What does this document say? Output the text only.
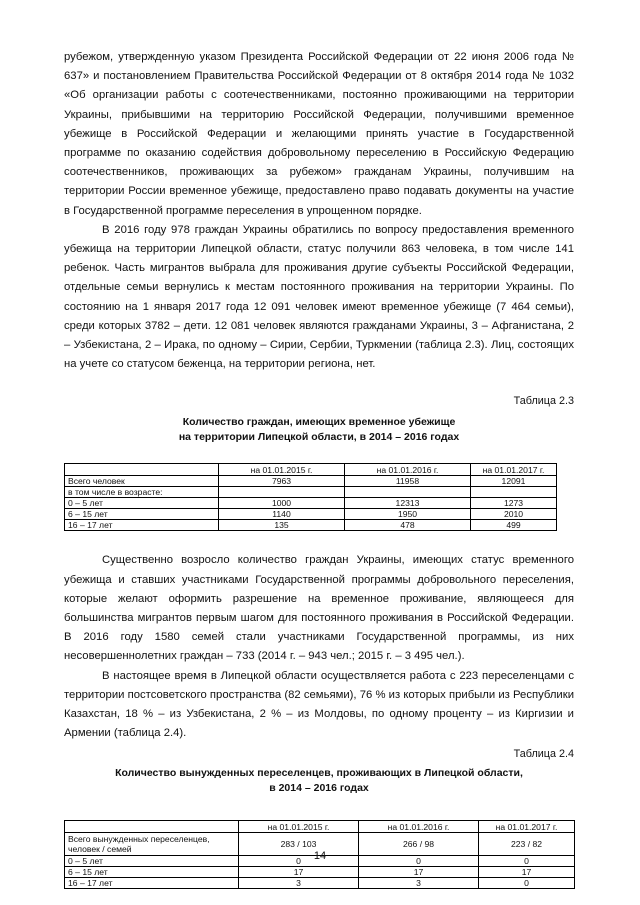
рубежом, утвержденную указом Президента Российской Федерации от 22 июня 2006 года № 637» и постановлением Правительства Российской Федерации от 8 октября 2014 года № 1032 «Об организации работы с соотечественниками, постоянно проживающими на территории Украины, прибывшими на территорию Российской Федерации, получившими временное убежище в Российской Федерации и желающими принять участие в Государственной программе по оказанию содействия добровольному переселению в Российскую Федерацию соотечественников, проживающих за рубежом» гражданам Украины, получившим на территории России временное убежище, предоставлено право подавать документы на участие в Государственной программе переселения в упрощенном порядке.

В 2016 году 978 граждан Украины обратились по вопросу предоставления временного убежища на территории Липецкой области, статус получили 863 человека, в том числе 141 ребенок. Часть мигрантов выбрала для проживания другие субъекты Российской Федерации, отдельные семьи вернулись к местам постоянного проживания на территории Украины. По состоянию на 1 января 2017 года 12 091 человек имеют временное убежище (7 464 семьи), среди которых 3782 – дети. 12 081 человек являются гражданами Украины, 3 – Афганистана, 2 – Узбекистана, 2 – Ирака, по одному – Сирии, Сербии, Туркмении (таблица 2.3). Лиц, состоящих на учете со статусом беженца, на территории региона, нет.

Таблица 2.3

Количество граждан, имеющих временное убежище

на территории Липецкой области, в 2014 – 2016 годах

	на 01.01.2015 г.	на 01.01.2016 г.	на 01.01.2017 г.
Всего человек	7963	11958	12091
в том числе в возрасте:			
0 – 5 лет	1000	12313	1273
6 – 15 лет	1140	1950	2010
16 – 17 лет	135	478	499

Существенно возросло количество граждан Украины, имеющих статус временного убежища и ставших участниками Государственной программы добровольного переселения, которые желают оформить разрешение на временное проживание, являющееся для большинства мигрантов первым шагом для постоянного проживания в Российской Федерации. В 2016 году 1580 семей стали участниками Государственной программы, из них несовершеннолетних граждан – 733 (2014 г. – 943 чел.; 2015 г. – 3 495 чел.).

В настоящее время в Липецкой области осуществляется работа с 223 переселенцами с территории постсоветского пространства (82 семьями), 76 % из которых прибыли из Республики Казахстан, 18 % – из Узбекистана, 2 % – из Молдовы, по одному проценту – из Киргизии и Армении (таблица 2.4).

Таблица 2.4

Количество вынужденных переселенцев, проживающих в Липецкой области,

в 2014 – 2016 годах

	на 01.01.2015 г.	на 01.01.2016 г.	на 01.01.2017 г.
Всего вынужденных переселенцев, человек / семей	283 / 103	266 / 98	223 / 82
0 – 5 лет	0	0	0
6 – 15 лет	17	17	17
16 – 17 лет	3	3	0
14
